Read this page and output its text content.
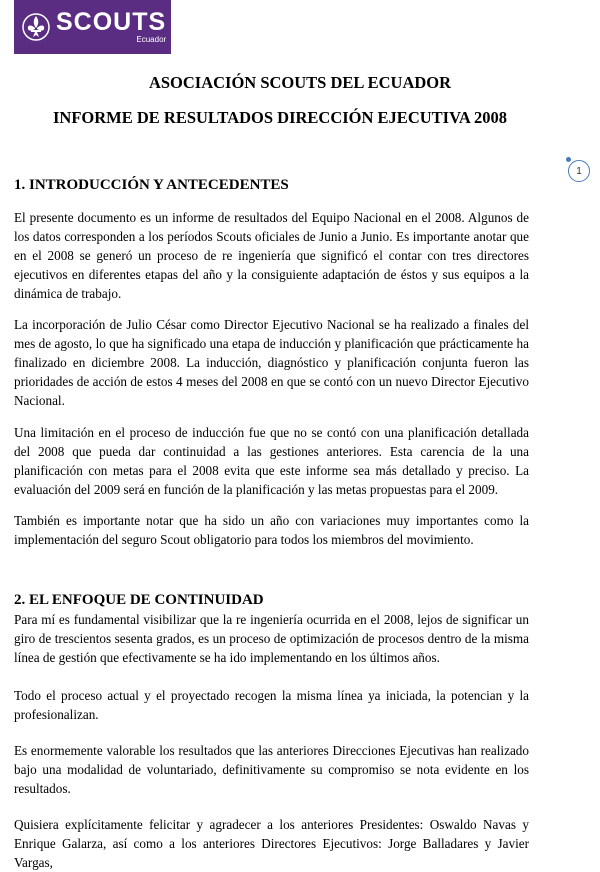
SCOUTS
Ecuador
ASOCIACIÓN SCOUTS DEL ECUADOR
INFORME DE RESULTADOS DIRECCIÓN EJECUTIVA 2008
1
1. INTRODUCCIÓN Y ANTECEDENTES

El presente documento es un informe de resultados del Equipo Nacional en el 2008. Algunos de los datos corresponden a los períodos Scouts oficiales de Junio a Junio. Es importante anotar que en el 2008 se generó un proceso de re ingeniería que significó el contar con tres directores ejecutivos en diferentes etapas del año y la consiguiente adaptación de éstos y sus equipos a la dinámica de trabajo.

La incorporación de Julio César como Director Ejecutivo Nacional se ha realizado a finales del mes de agosto, lo que ha significado una etapa de inducción y planificación que prácticamente ha finalizado en diciembre 2008. La inducción, diagnóstico y planificación conjunta fueron las prioridades de acción de estos 4 meses del 2008 en que se contó con un nuevo Director Ejecutivo Nacional.

Una limitación en el proceso de inducción fue que no se contó con una planificación detallada del 2008 que pueda dar continuidad a las gestiones anteriores. Esta carencia de la una planificación con metas para el 2008 evita que este informe sea más detallado y preciso. La evaluación del 2009 será en función de la planificación y las metas propuestas para el 2009.

También es importante notar que ha sido un año con variaciones muy importantes como la implementación del seguro Scout obligatorio para todos los miembros del movimiento.

2. EL ENFOQUE DE CONTINUIDAD

Para mí es fundamental visibilizar que la re ingeniería ocurrida en el 2008, lejos de significar un giro de trescientos sesenta grados, es un proceso de optimización de procesos dentro de la misma línea de gestión que efectivamente se ha ido implementando en los últimos años.

Todo el proceso actual y el proyectado recogen la misma línea ya iniciada, la potencian y la profesionalizan.

Es enormemente valorable los resultados que las anteriores Direcciones Ejecutivas han realizado bajo una modalidad de voluntariado, definitivamente su compromiso se nota evidente en los resultados.

Quisiera explícitamente felicitar y agradecer a los anteriores Presidentes: Oswaldo Navas y Enrique Galarza, así como a los anteriores Directores Ejecutivos: Jorge Balladares y Javier Vargas,
